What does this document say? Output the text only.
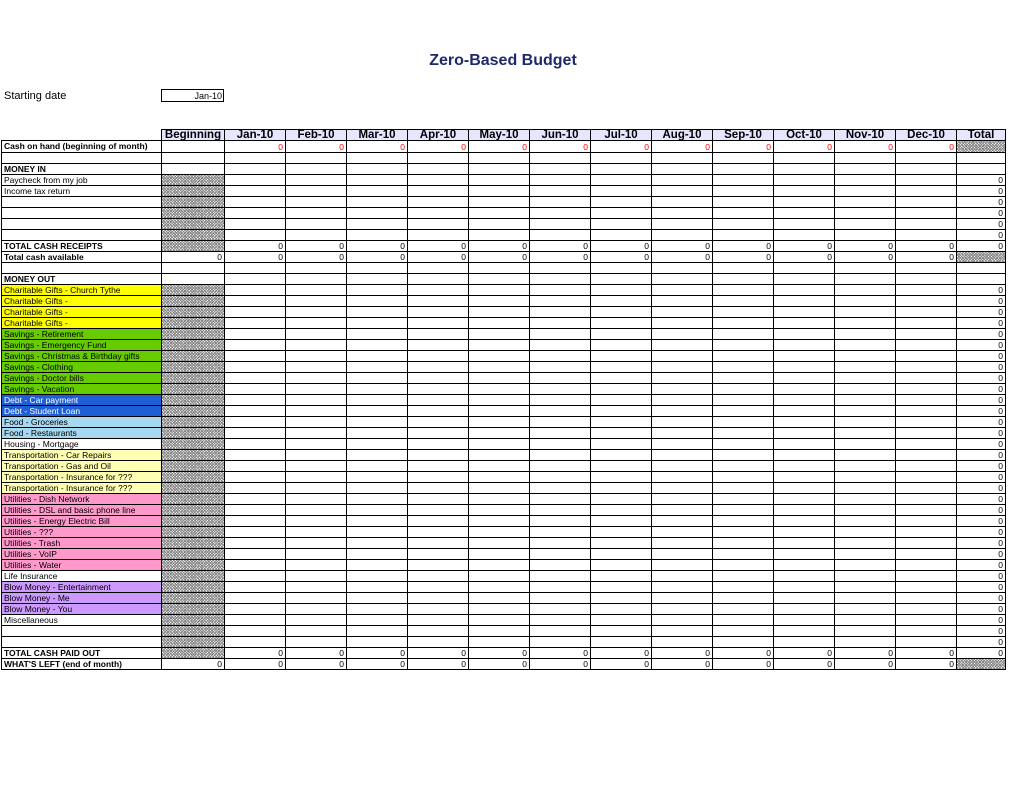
Zero-Based Budget
Starting date	Jan-10
	Beginning	Jan-10	Feb-10	Mar-10	Apr-10	May-10	Jun-10	Jul-10	Aug-10	Sep-10	Oct-10	Nov-10	Dec-10	Total
Cash on hand (beginning of month)		0	0	0	0	0	0	0	0	0	0	0	0	

MONEY IN														
Paycheck from my job														0
Income tax return														0
														0
														0
														0
														0
TOTAL CASH RECEIPTS		0	0	0	0	0	0	0	0	0	0	0	0	0
Total cash available	0	0	0	0	0	0	0	0	0	0	0	0	0	

MONEY OUT														
Charitable Gifts - Church Tythe														0
Charitable Gifts -														0
Charitable Gifts -														0
Charitable Gifts -														0
Savings - Retirement														0
Savings - Emergency Fund														0
Savings - Christmas & Birthday gifts														0
Savings - Clothing														0
Savings - Doctor bills														0
Savings - Vacation														0
Debt - Car payment														0
Debt - Student Loan														0
Food - Groceries														0
Food - Restaurants														0
Housing - Mortgage														0
Transportation - Car Repairs														0
Transportation - Gas and Oil														0
Transportation - Insurance for ???														0
Transportation - Insurance for ???														0
Utilities - Dish Network														0
Utilities - DSL and basic phone line														0
Utilities - Energy Electric Bill														0
Utilities - ???														0
Utilities - Trash														0
Utilities - VoIP														0
Utilities - Water														0
Life Insurance														0
Blow Money - Entertainment														0
Blow Money - Me														0
Blow Money - You														0
Miscellaneous														0
														0
														0
TOTAL CASH PAID OUT		0	0	0	0	0	0	0	0	0	0	0	0	0
WHAT'S LEFT (end of month)	0	0	0	0	0	0	0	0	0	0	0	0	0	
